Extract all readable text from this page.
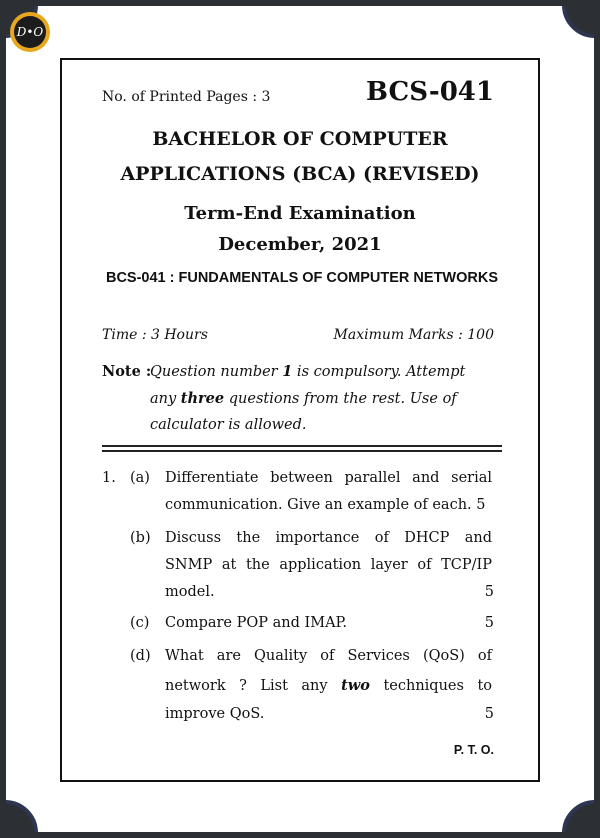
D•O
No. of Printed Pages : 3	BCS-041
BACHELOR OF COMPUTER
APPLICATIONS (BCA) (REVISED)
Term-End Examination
December, 2021
BCS-041 : FUNDAMENTALS OF COMPUTER NETWORKS
Time : 3 Hours	Maximum Marks : 100
Note :
Question number 1 is compulsory. Attempt
any three questions from the rest. Use of
calculator is allowed.
1. (a) Differentiate between parallel and serial
communication. Give an example of each. 5
(b) Discuss the importance of DHCP and
SNMP at the application layer of TCP/IP
model.	5
(c) Compare POP and IMAP.	5
(d) What are Quality of Services (QoS) of
network ? List any two techniques to
improve QoS.	5
P. T. O.
